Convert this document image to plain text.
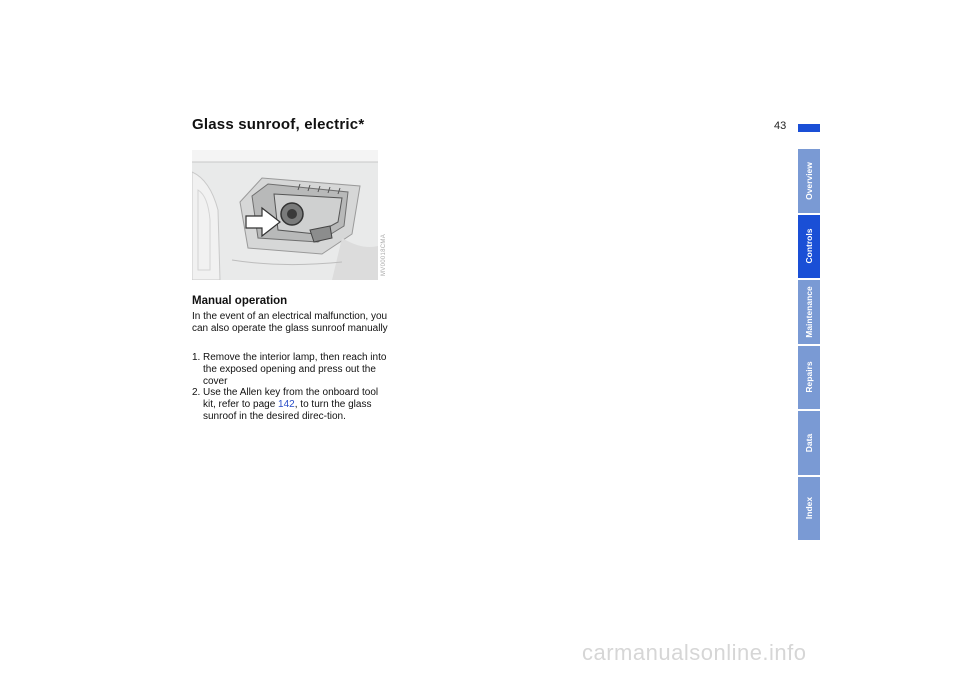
Glass sunroof, electric*	43
MV00018CMA
Manual operation

In the event of an electrical malfunction, you can also operate the glass sunroof manually

1. Remove the interior lamp, then reach into the exposed opening and press out the cover
2. Use the Allen key from the onboard tool kit, refer to page 142, to turn the glass sunroof in the desired direc-tion.
Overview
Controls
Maintenance
Repairs
Data
Index
carmanualsonline.info
